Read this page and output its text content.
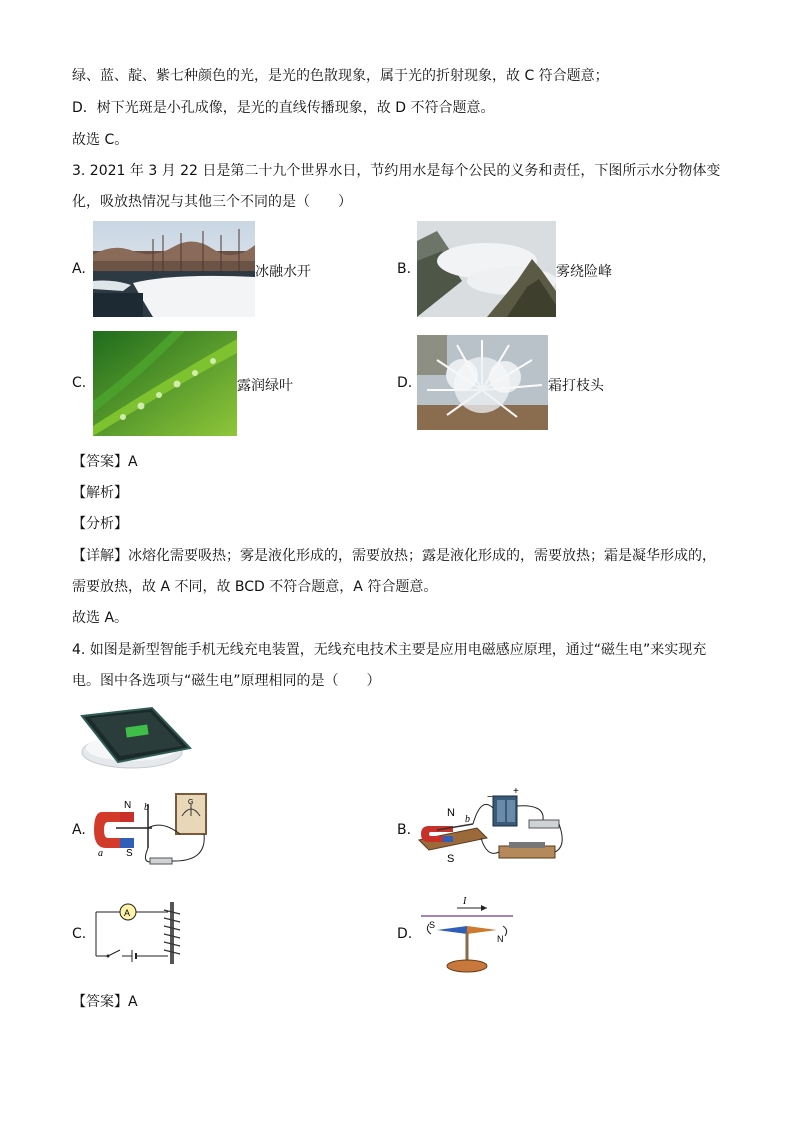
绿、蓝、靛、紫七种颜色的光，是光的色散现象，属于光的折射现象，故 C 符合题意；
D．树下光斑是小孔成像，是光的直线传播现象，故 D 不符合题意。
故选 C。
3. 2021 年 3 月 22 日是第二十九个世界水日，节约用水是每个公民的义务和责任，下图所示水分物体变
化，吸放热情况与其他三个不同的是（　　）
A.	冰融水开	B.	雾绕险峰
C.	露润绿叶	D.	霜打枝头
【答案】A
【解析】
【分析】
【详解】冰熔化需要吸热；雾是液化形成的，需要放热；露是液化形成的，需要放热；霜是凝华形成的，
需要放热，故 A 不同，故 BCD 不符合题意，A 符合题意。
故选 A。
4. 如图是新型智能手机无线充电装置，无线充电技术主要是应用电磁感应原理，通过“磁生电”来实现充
电。图中各选项与“磁生电”原理相同的是（　　）
A.
N
S
b
a
G
B.
N
S
b
+
−
C.
A
D.
I
S
N
【答案】A
